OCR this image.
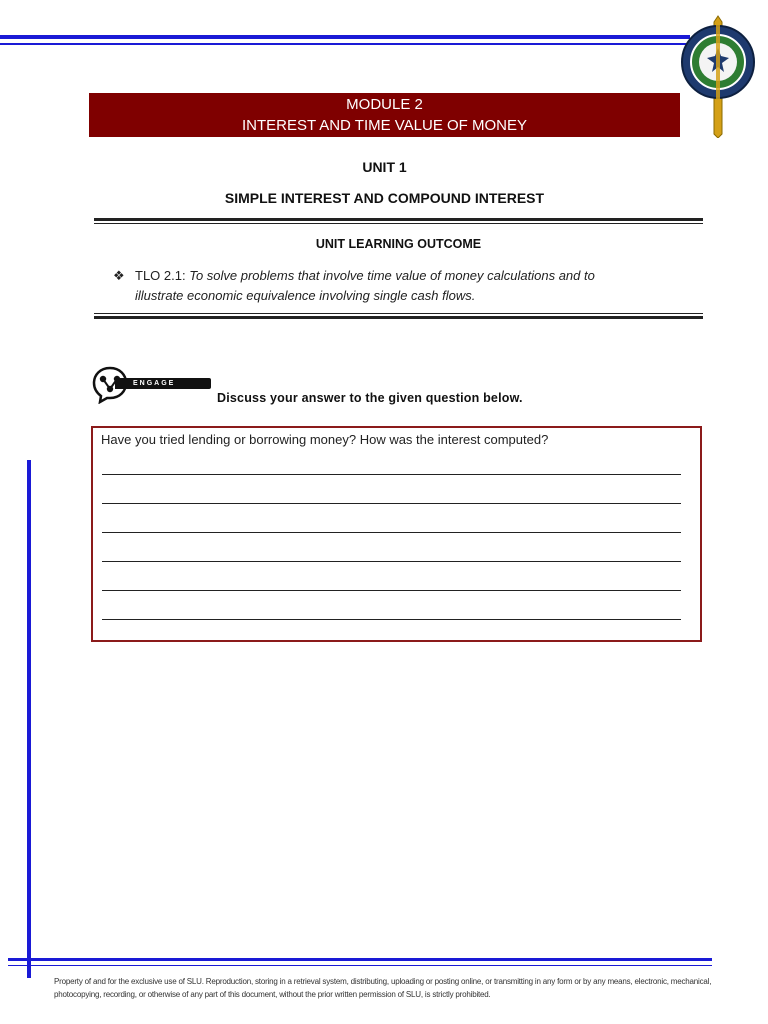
MODULE 2
INTEREST AND TIME VALUE OF MONEY
UNIT 1
SIMPLE INTEREST AND COMPOUND INTEREST
UNIT LEARNING OUTCOME
❖ TLO 2.1: To solve problems that involve time value of money calculations and to
illustrate economic equivalence involving single cash flows.
ENGAGE
Discuss your answer to the given question below.
Have you tried lending or borrowing money? How was the interest computed?
Property of and for the exclusive use of SLU. Reproduction, storing in a retrieval system, distributing, uploading or posting online, or transmitting in any form or by any means, electronic, mechanical, photocopying, recording, or otherwise of any part of this document, without the prior written permission of SLU, is strictly prohibited.
